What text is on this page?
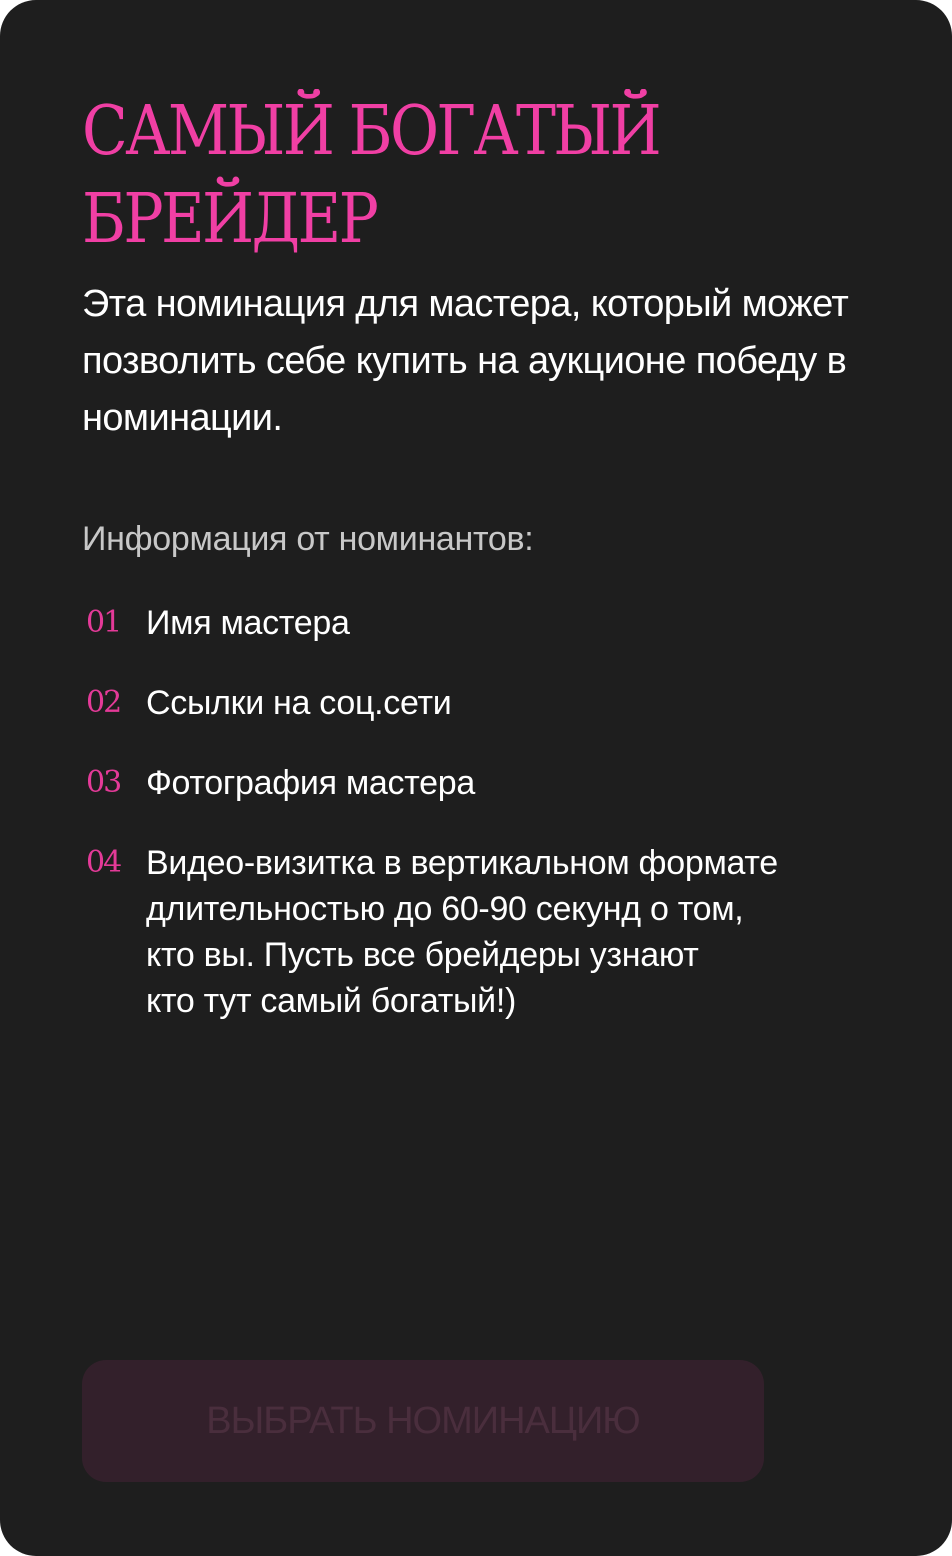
САМЫЙ БОГАТЫЙ
БРЕЙДЕР

Эта номинация для мастера, который может позволить себе купить на аукционе победу в номинации.

Информация от номинантов:

01 Имя мастера
02 Ссылки на соц.сети
03 Фотография мастера
04 Видео-визитка в вертикальном формате
длительностью до 60-90 секунд о том,
кто вы. Пусть все брейдеры узнают
кто тут самый богатый!)
ВЫБРАТЬ НОМИНАЦИЮ
